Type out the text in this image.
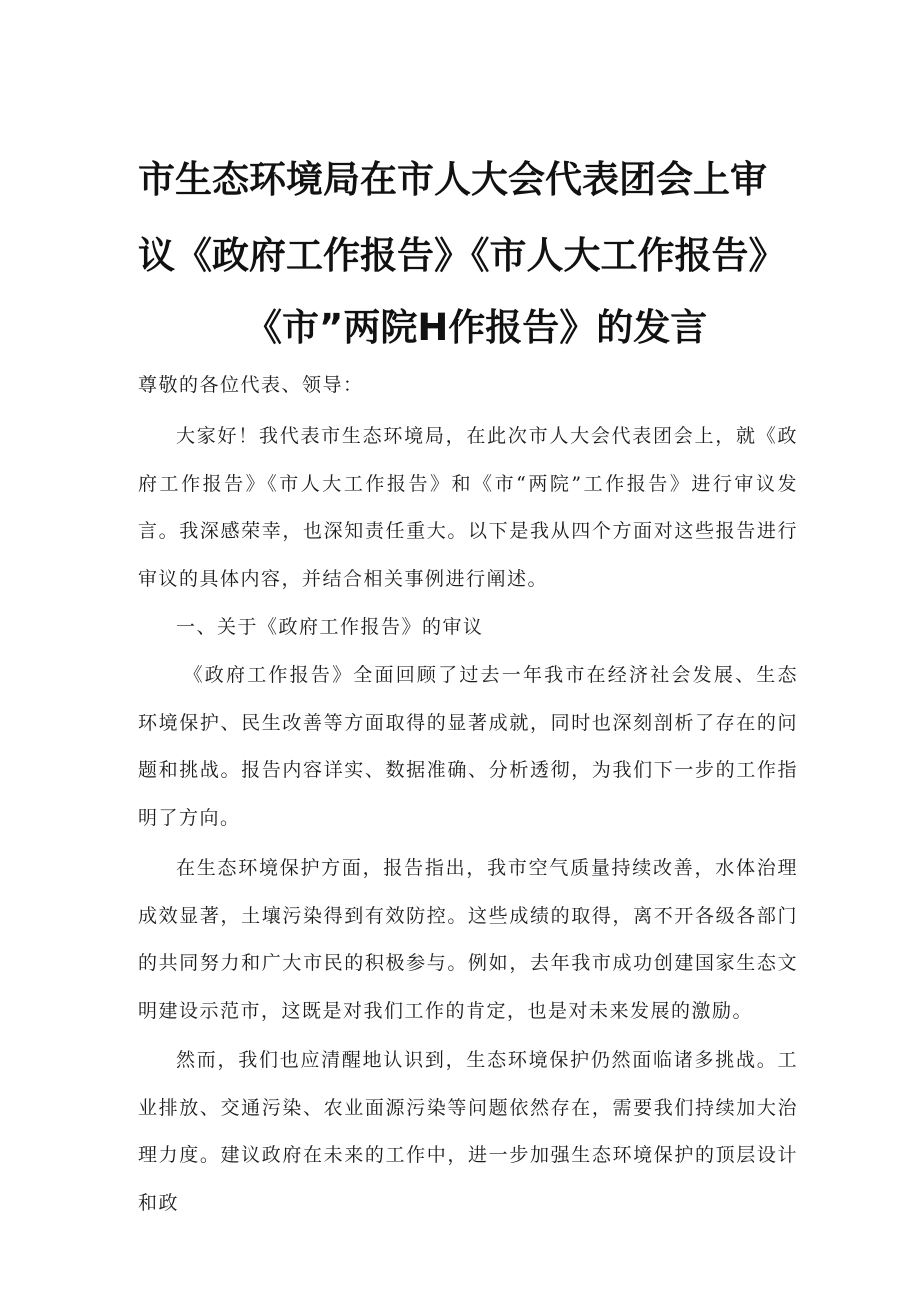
市生态环境局在市人大会代表团会上审
议《政府工作报告》《市人大工作报告》
《市”两院H作报告》的发言
尊敬的各位代表、领导：
大家好！我代表市生态环境局，在此次市人大会代表团会上，就《政府工作报告》《市人大工作报告》和《市“两院”工作报告》进行审议发言。我深感荣幸，也深知责任重大。以下是我从四个方面对这些报告进行审议的具体内容，并结合相关事例进行阐述。
一、关于《政府工作报告》的审议
《政府工作报告》全面回顾了过去一年我市在经济社会发展、生态环境保护、民生改善等方面取得的显著成就，同时也深刻剖析了存在的问题和挑战。报告内容详实、数据准确、分析透彻，为我们下一步的工作指明了方向。
在生态环境保护方面，报告指出，我市空气质量持续改善，水体治理成效显著，土壤污染得到有效防控。这些成绩的取得，离不开各级各部门的共同努力和广大市民的积极参与。例如，去年我市成功创建国家生态文明建设示范市，这既是对我们工作的肯定，也是对未来发展的激励。
然而，我们也应清醒地认识到，生态环境保护仍然面临诸多挑战。工业排放、交通污染、农业面源污染等问题依然存在，需要我们持续加大治理力度。建议政府在未来的工作中，进一步加强生态环境保护的顶层设计和政
